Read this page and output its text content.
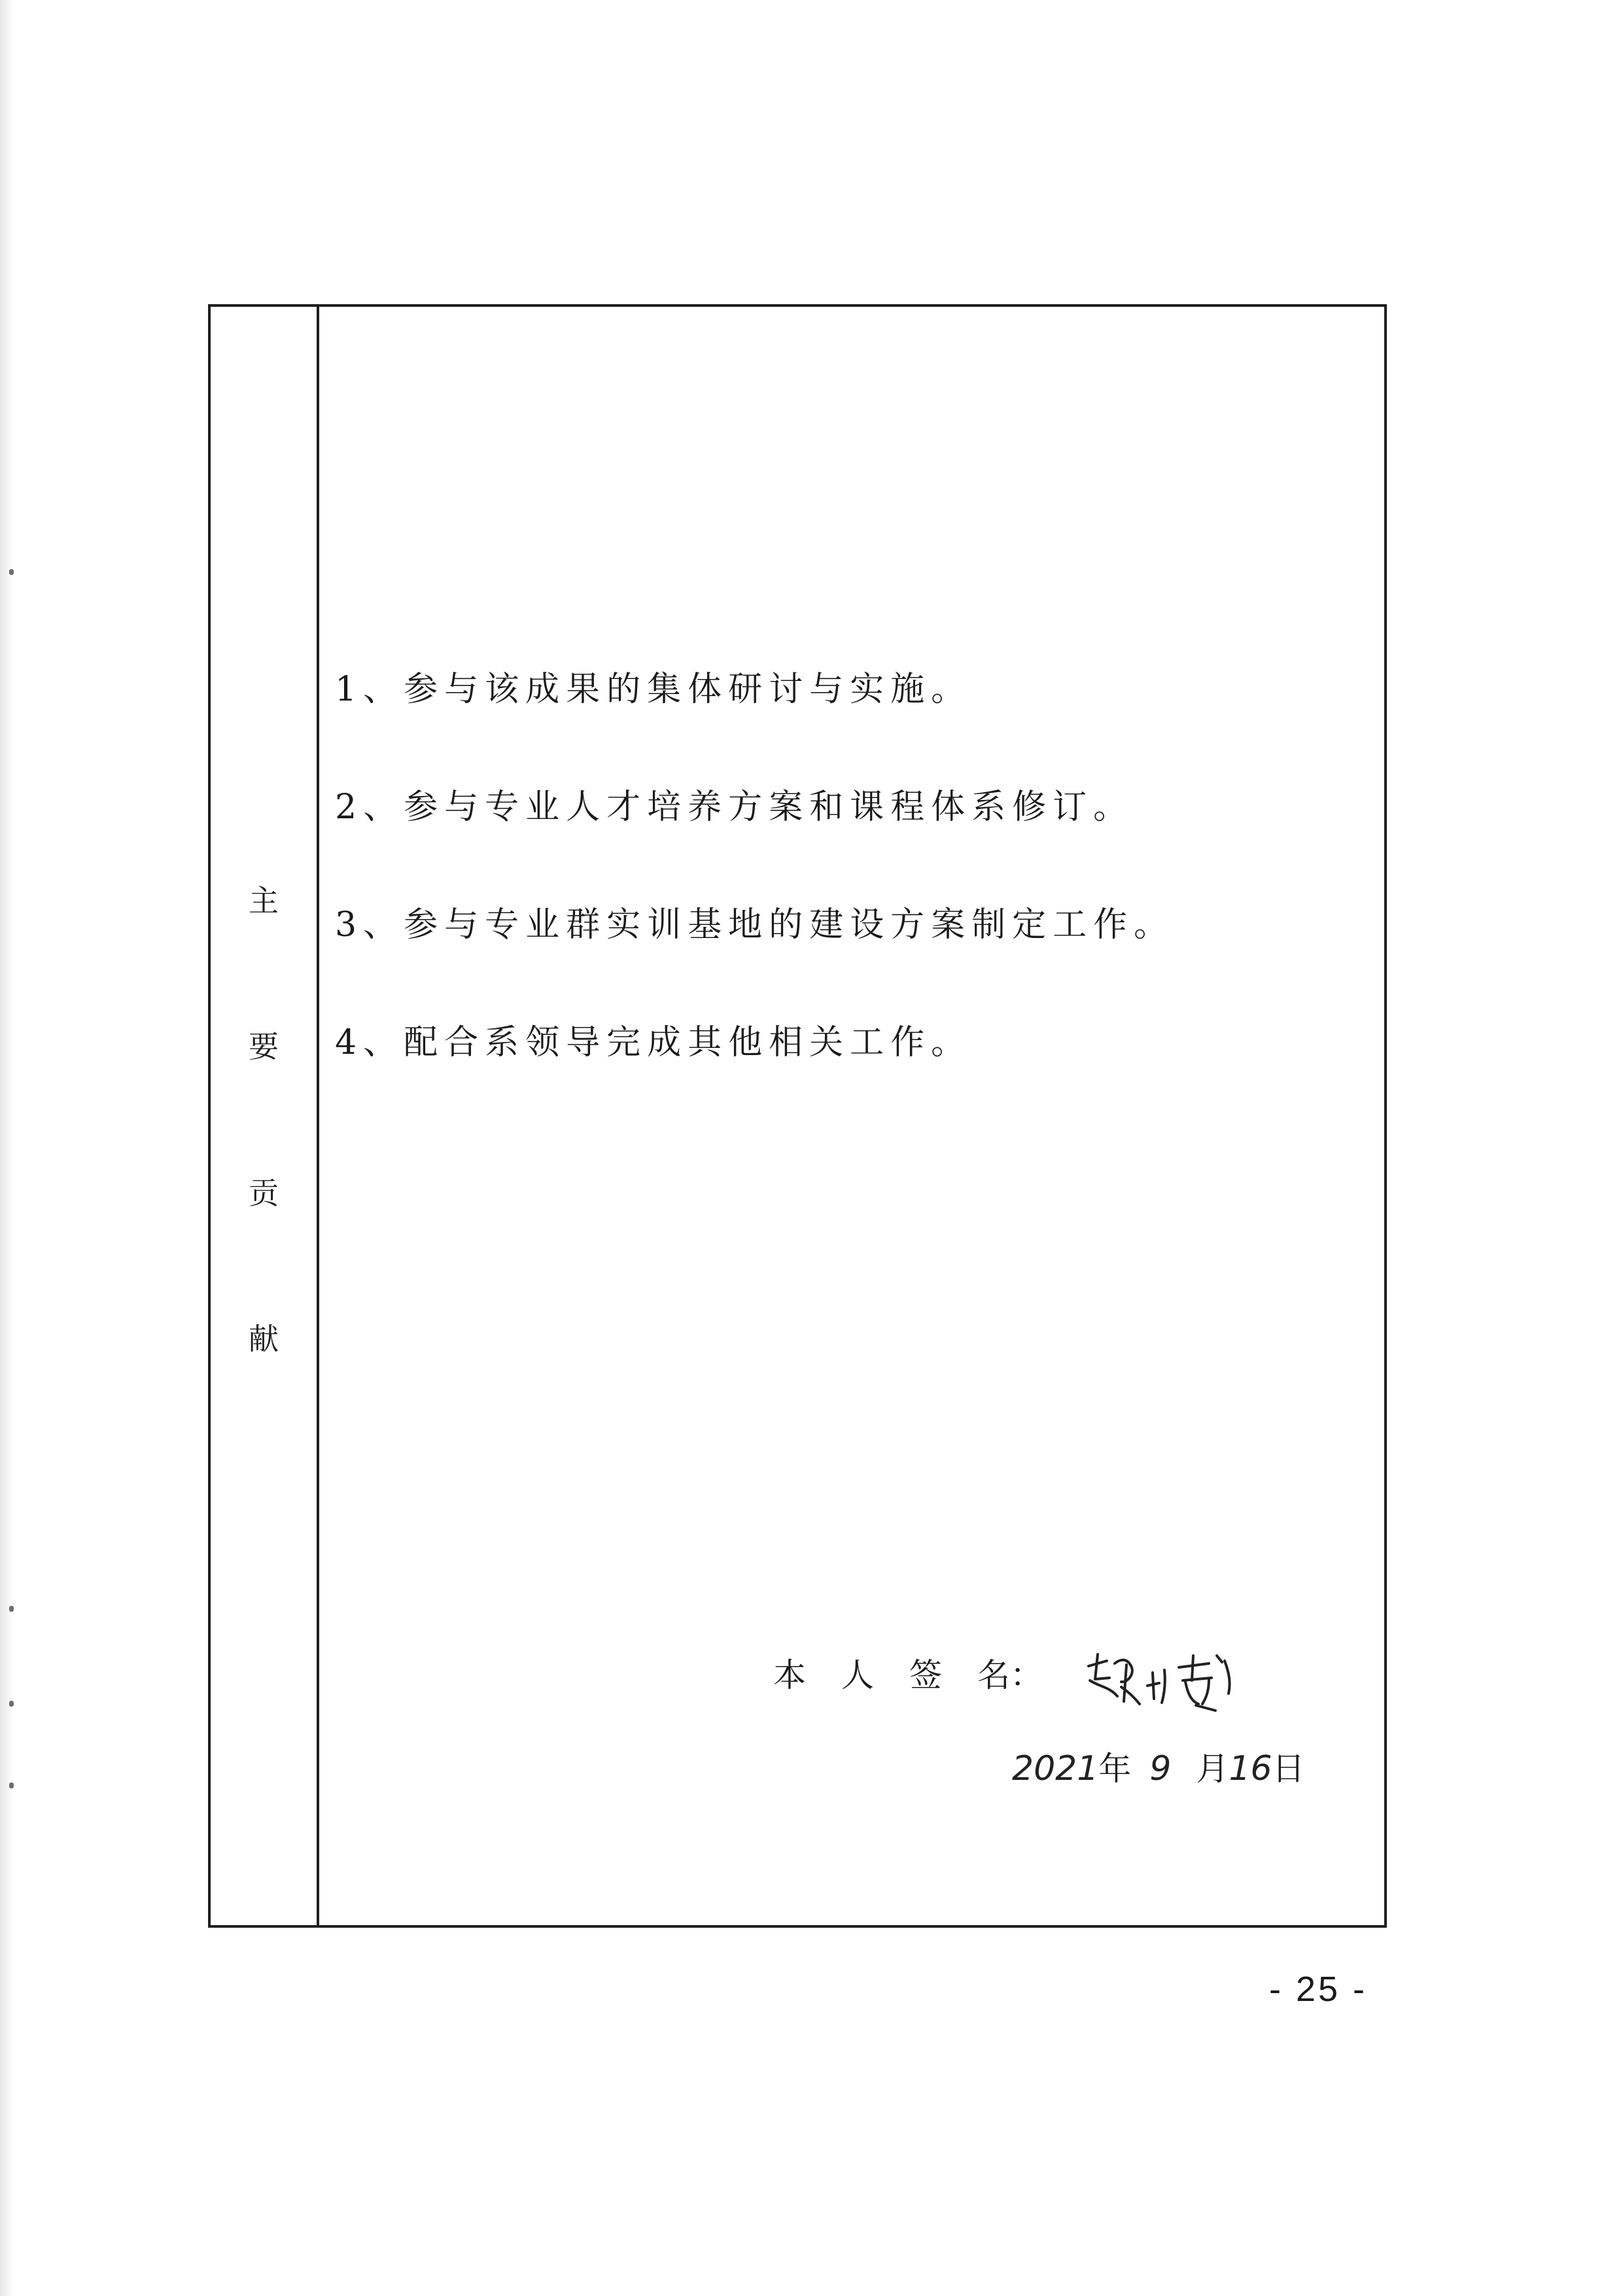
主
要
贡
献
1、参与该成果的集体研讨与实施。
2、参与专业人才培养方案和课程体系修订。
3、参与专业群实训基地的建设方案制定工作。
4、配合系领导完成其他相关工作。
本 人 签 名：
2021年 9 月16日
- 25 -
